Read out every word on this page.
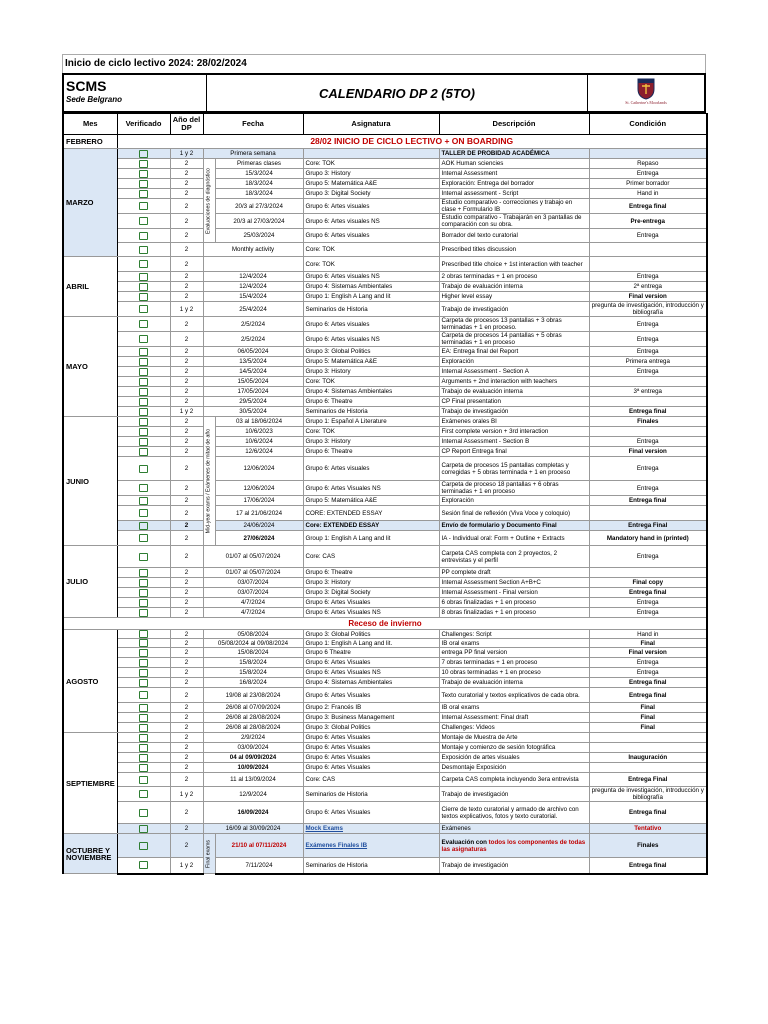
Inicio de ciclo lectivo 2024: 28/02/2024
SCMS
Sede Belgrano	CALENDARIO DP 2 (5TO)
St. Catherine's Moorlands
Mes	Verificado	Año del DP	Fecha		Asignatura	Descripción	Condición
FEBRERO	28/02 INICIO DE CICLO LECTIVO + ON BOARDING						
MARZO		1 y 2	Primera semana			TALLER DE PROBIDAD ACADÉMICA	
		2	Evaluaciones de diagnóstico	Primeras clases	Core: TOK	AOK Human sciencies	Repaso
		2		15/3/2024	Grupo 3: History	Internal Assessment	Entrega
		2		18/3/2024	Grupo 5: Matemática A&E	Exploración: Entrega del borrador	Primer borrador
		2		18/3/2024	Grupo 3: Digital Society	Internal assessment - Script	Hand in
		2		20/3 al 27/3/2024	Grupo 6: Artes visuales	Estudio comparativo - correcciones y trabajo en clase + Formulario IB	Entrega final
		2		20/3 al 27/03/2024	Grupo 6: Artes visuales NS	Estudio comparativo - Trabajarán en 3 pantallas de comparación con su obra.	Pre-entrega
		2		25/03/2024	Grupo 6: Artes visuales	Borrador del texto curatorial	Entrega
		2	Monthly activity		Core: TOK	Prescribed titles discussion	
ABRIL		2			Core: TOK	Prescribed title choice + 1st interaction with teacher	
		2	12/4/2024		Grupo 6: Artes visuales NS	2 obras terminadas + 1 en proceso	Entrega
		2	12/4/2024		Grupo 4: Sistemas Ambientales	Trabajo de evaluación interna	2ª entrega
		2	15/4/2024		Grupo 1: English A Lang and lit	Higher level essay	Final version
		1 y 2	25/4/2024		Seminarios de Historia	Trabajo de investigación	pregunta de investigación, introducción y bibliografía
MAYO		2	2/5/2024		Grupo 6: Artes visuales	Carpeta de procesos 13 pantallas + 3 obras terminadas + 1 en proceso.	Entrega
		2	2/5/2024		Grupo 6: Artes visuales NS	Carpeta de procesos 14 pantallas + 5 obras terminadas + 1 en proceso	Entrega
		2	06/05/2024		Grupo 3: Global Politics	EA: Entrega final del Report	Entrega
		2	13/5/2024		Grupo 5: Matemática A&E	Exploración	Primera entrega
		2	14/5/2024		Grupo 3: History	Internal Assessment - Section A	Entrega
		2	15/05/2024		Core: TOK	Arguments + 2nd interaction with teachers	
		2	17/05/2024		Grupo 4: Sistemas Ambientales	Trabajo de evaluación interna	3ª entrega
		2	29/5/2024		Grupo 6: Theatre	CP Final presentation	
		1 y 2	30/5/2024		Seminarios de Historia	Trabajo de investigación	Entrega final
JUNIO		2	Mid-year exams / Exámenes de mitad de año	03 al 18/06/2024	Grupo 1: Español A Literature	Exámenes orales BI	Finales
		2		10/6/2023	Core: TOK	First complete version + 3rd interaction	
		2		10/6/2024	Grupo 3: History	Internal Assessment - Section B	Entrega
		2		12/6/2024	Grupo 6: Theatre	CP Report Entrega final	Final version
		2		12/06/2024	Grupo 6: Artes visuales	Carpeta de procesos 15 pantallas completas y corregidas + 5 obras terminada + 1 en proceso	Entrega
		2		12/06/2024	Grupo 6: Artes Visuales NS	Carpeta de proceso 18 pantallas + 6 obras terminadas + 1 en proceso	Entrega
		2		17/06/2024	Grupo 5: Matemática A&E	Exploración	Entrega final
		2		17 al 21/06/2024	CORE: EXTENDED ESSAY	Sesión final de reflexión (Viva Voce y coloquio)	
		2		24/06/2024	Core: EXTENDED ESSAY	Envío de formulario y Documento Final	Entrega Final
		2		27/06/2024	Group 1: English A Lang and lit	IA - Individual oral: Form + Outline + Extracts	Mandatory hand in (printed)
JULIO		2	01/07 al 05/07/2024		Core: CAS	Carpeta CAS completa con 2 proyectos, 2 entrevistas y el perfil	Entrega
		2	01/07 al 05/07/2024		Grupo 6: Theatre	PP complete draft	
		2	03/07/2024		Grupo 3: History	Internal Assessment Section A+B+C	Final copy
		2	03/07/2024		Grupo 3: Digital Society	Internal Assessment - Final version	Entrega final
		2	4/7/2024		Grupo 6: Artes Visuales	6 obras finalizadas + 1 en proceso	Entrega
		2	4/7/2024		Grupo 6: Artes Visuales NS	8 obras finalizadas + 1 en proceso	Entrega
Receso de invierno							
AGOSTO		2	05/08/2024		Grupo 3: Global Politics	Challenges: Script	Hand in
		2	05/08/2024 al 09/08/2024		Grupo 1: English A Lang and lit.	IB oral exams	Final
		2	15/08/2024		Grupo 6 Theatre	entrega PP final version	Final version
		2	15/8/2024		Grupo 6: Artes Visuales	7 obras terminadas + 1 en proceso	Entrega
		2	15/8/2024		Grupo 6: Artes Visuales NS	10 obras terminadas + 1 en proceso	Entrega
		2	16/8/2024		Grupo 4: Sistemas Ambientales	Trabajo de evaluación interna	Entrega final
		2	19/08 al 23/08/2024		Grupo 6: Artes Visuales	Texto curatorial y textos explicativos de cada obra.	Entrega final
		2	26/08 al 07/09/2024		Grupo 2: Francés IB	IB oral exams	Final
		2	26/08 al 28/08/2024		Grupo 3: Business Management	Internal Assessment: Final draft	Final
		2	26/08 al 28/08/2024		Grupo 3: Global Politics	Challenges: Videos	Final
SEPTIEMBRE		2	2/9/2024		Grupo 6: Artes Visuales	Montaje de Muestra de Arte	
		2	03/09/2024		Grupo 6: Artes Visuales	Montaje y comienzo de sesión fotográfica	
		2	04 al 09/09/2024		Grupo 6: Artes Visuales	Exposición de artes visuales	Inauguración
		2	10/09/2024		Grupo 6: Artes Visuales	Desmontaje Exposición	
		2	11 al 13/09/2024		Core: CAS	Carpeta CAS completa incluyendo 3era entrevista	Entrega Final
		1 y 2	12/9/2024		Seminarios de Historia	Trabajo de investigación	pregunta de investigación, introducción y bibliografía
		2	16/09/2024		Grupo 6: Artes Visuales	Cierre de texto curatorial y armado de archivo con textos explicativos, fotos y texto curatorial.	Entrega final
		2	16/09 al 30/09/2024		Mock Exams	Exámenes	Tentativo
OCTUBRE Y NOVIEMBRE		2	Final exams	21/10 al 07/11/2024	Exámenes Finales IB	Evaluación con todos los componentes de todas las asignaturas	Finales
		1 y 2		7/11/2024	Seminarios de Historia	Trabajo de investigación	Entrega final
